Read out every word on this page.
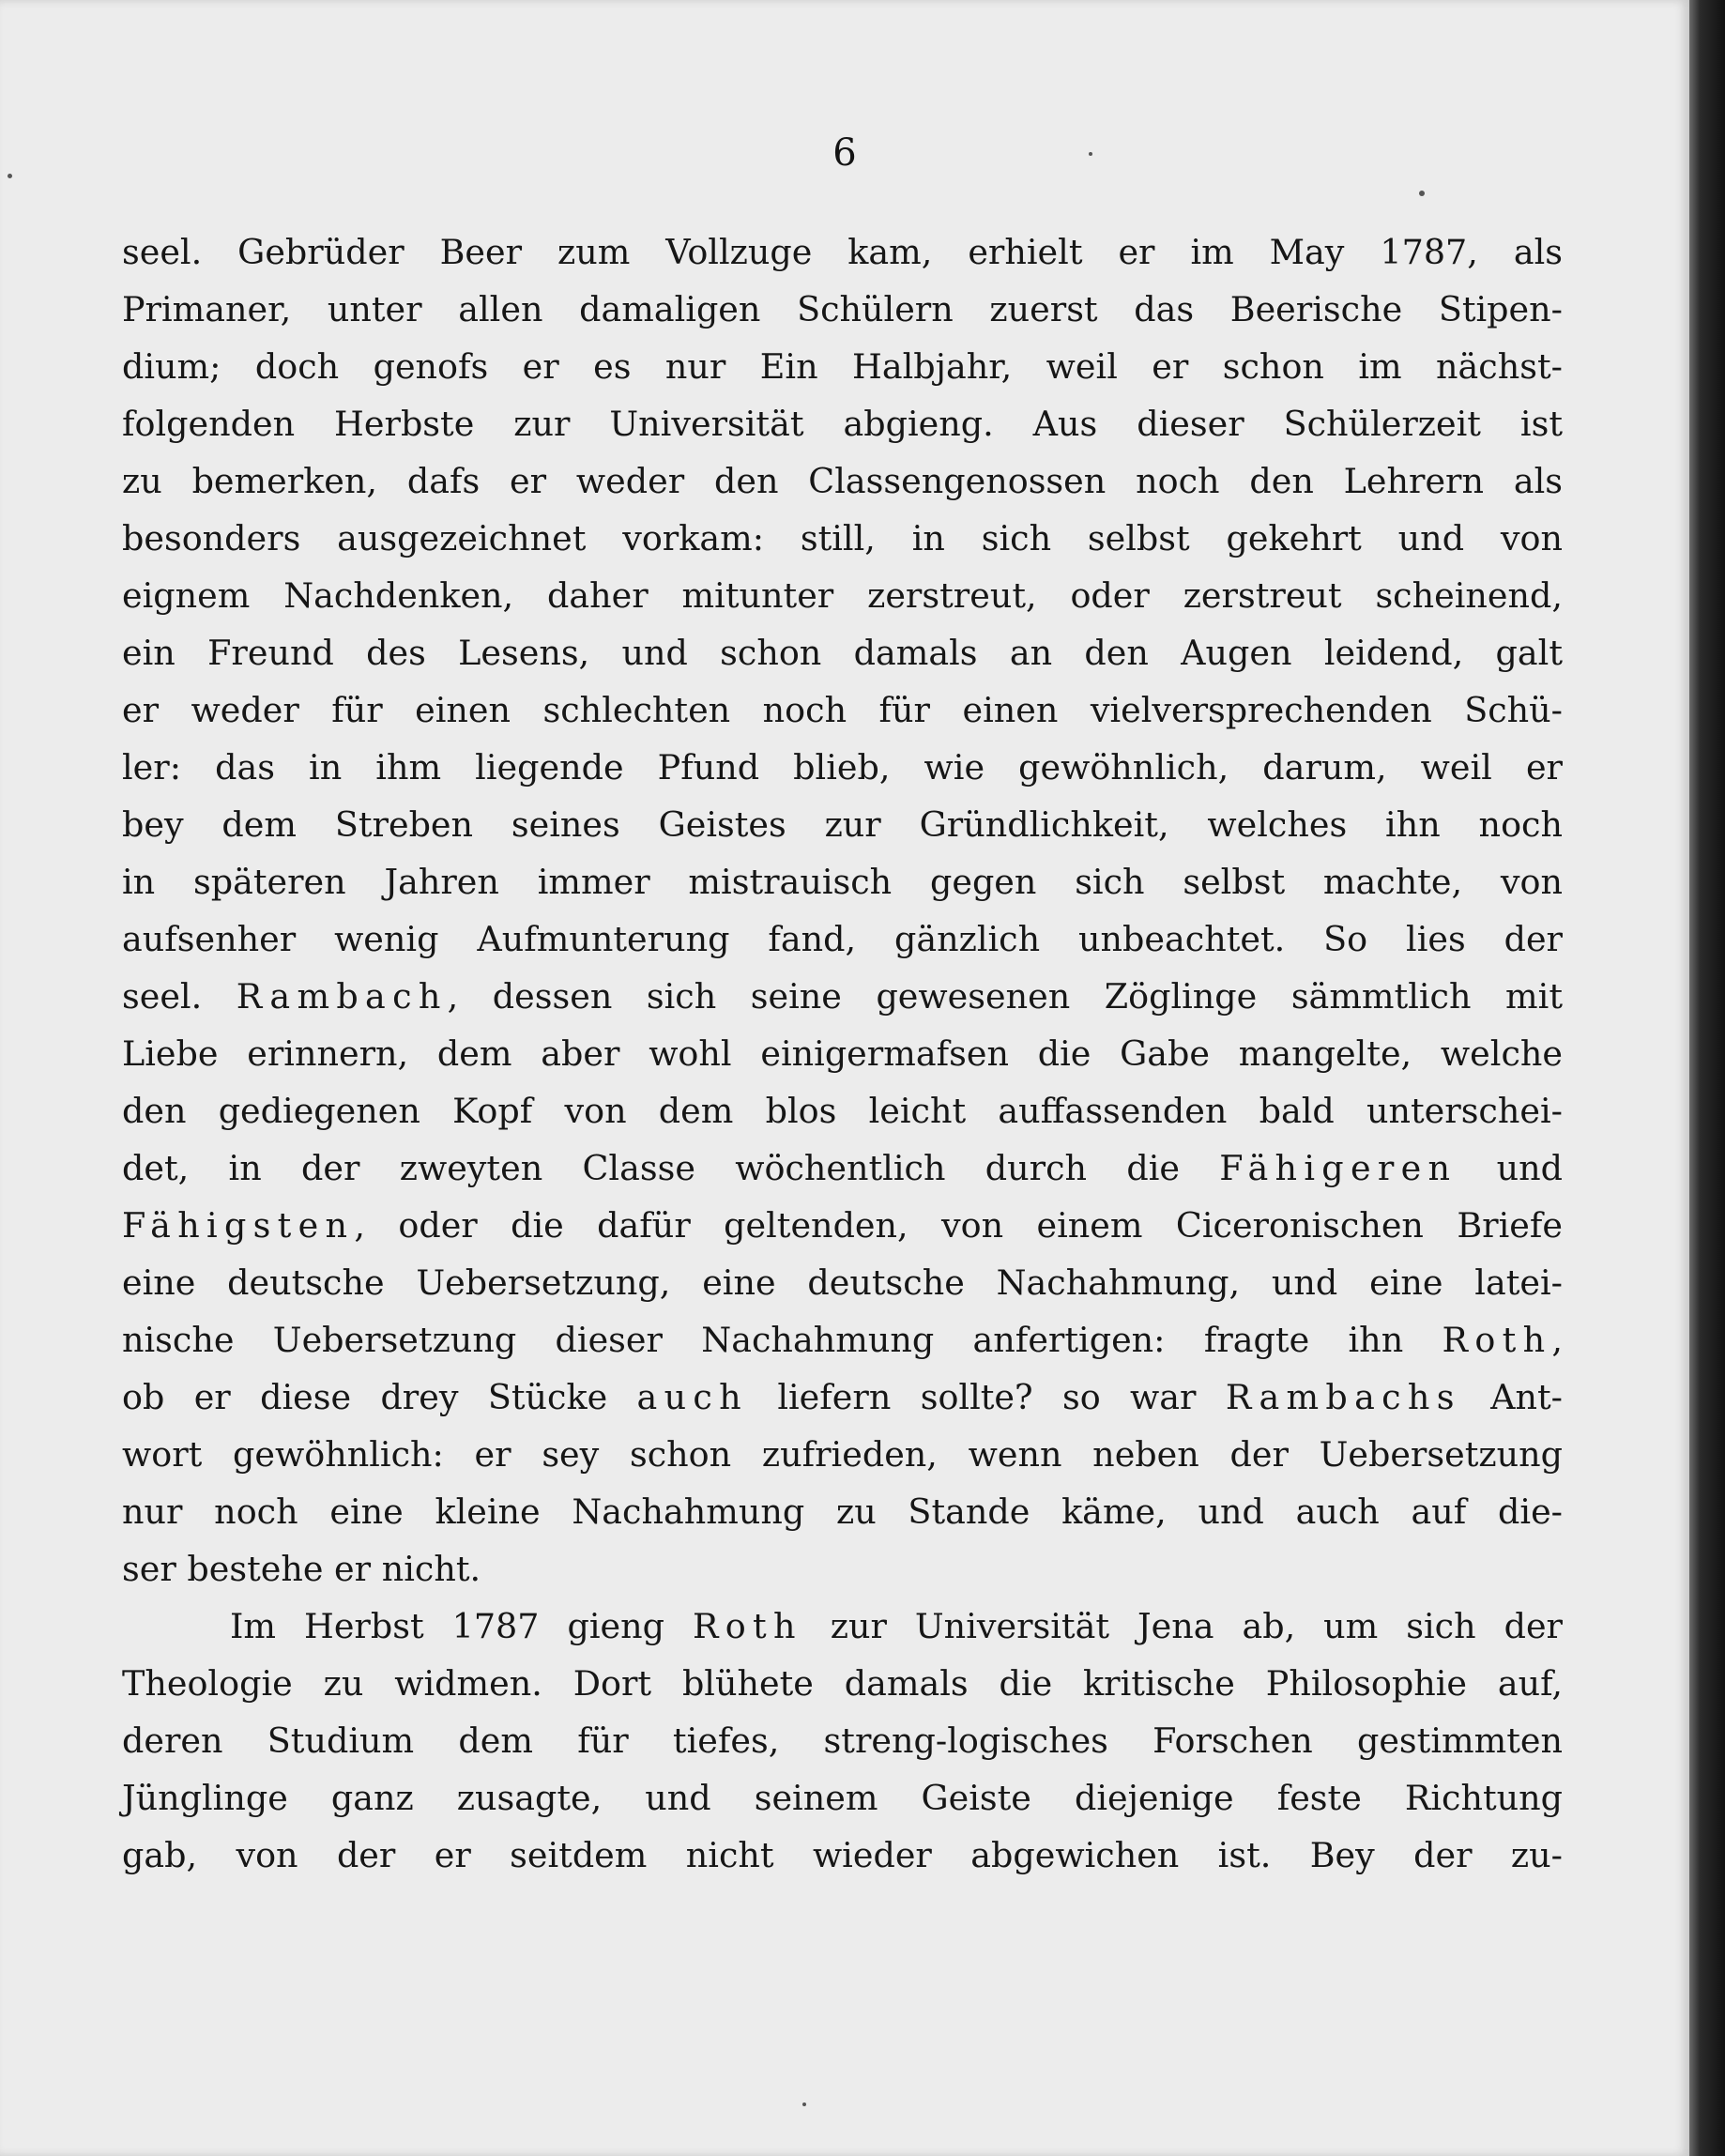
6
seel. Gebrüder Beer zum Vollzuge kam, erhielt er im May 1787, als
Primaner, unter allen damaligen Schülern zuerst das Beerische Stipen-
dium; doch genofs er es nur Ein Halbjahr, weil er schon im nächst-
folgenden Herbste zur Universität abgieng. Aus dieser Schülerzeit ist
zu bemerken, dafs er weder den Classengenossen noch den Lehrern als
besonders ausgezeichnet vorkam: still, in sich selbst gekehrt und von
eignem Nachdenken, daher mitunter zerstreut, oder zerstreut scheinend,
ein Freund des Lesens, und schon damals an den Augen leidend, galt
er weder für einen schlechten noch für einen vielversprechenden Schü-
ler: das in ihm liegende Pfund blieb, wie gewöhnlich, darum, weil er
bey dem Streben seines Geistes zur Gründlichkeit, welches ihn noch
in späteren Jahren immer mistrauisch gegen sich selbst machte, von
aufsenher wenig Aufmunterung fand, gänzlich unbeachtet. So lies der
seel. Rambach, dessen sich seine gewesenen Zöglinge sämmtlich mit
Liebe erinnern, dem aber wohl einigermafsen die Gabe mangelte, welche
den gediegenen Kopf von dem blos leicht auffassenden bald unterschei-
det, in der zweyten Classe wöchentlich durch die Fähigeren und
Fähigsten, oder die dafür geltenden, von einem Ciceronischen Briefe
eine deutsche Uebersetzung, eine deutsche Nachahmung, und eine latei-
nische Uebersetzung dieser Nachahmung anfertigen: fragte ihn Roth,
ob er diese drey Stücke auch liefern sollte? so war Rambachs Ant-
wort gewöhnlich: er sey schon zufrieden, wenn neben der Uebersetzung
nur noch eine kleine Nachahmung zu Stande käme, und auch auf die-
ser bestehe er nicht.
Im Herbst 1787 gieng Roth zur Universität Jena ab, um sich der
Theologie zu widmen. Dort blühete damals die kritische Philosophie auf,
deren Studium dem für tiefes, streng-logisches Forschen gestimmten
Jünglinge ganz zusagte, und seinem Geiste diejenige feste Richtung
gab, von der er seitdem nicht wieder abgewichen ist. Bey der zu-
